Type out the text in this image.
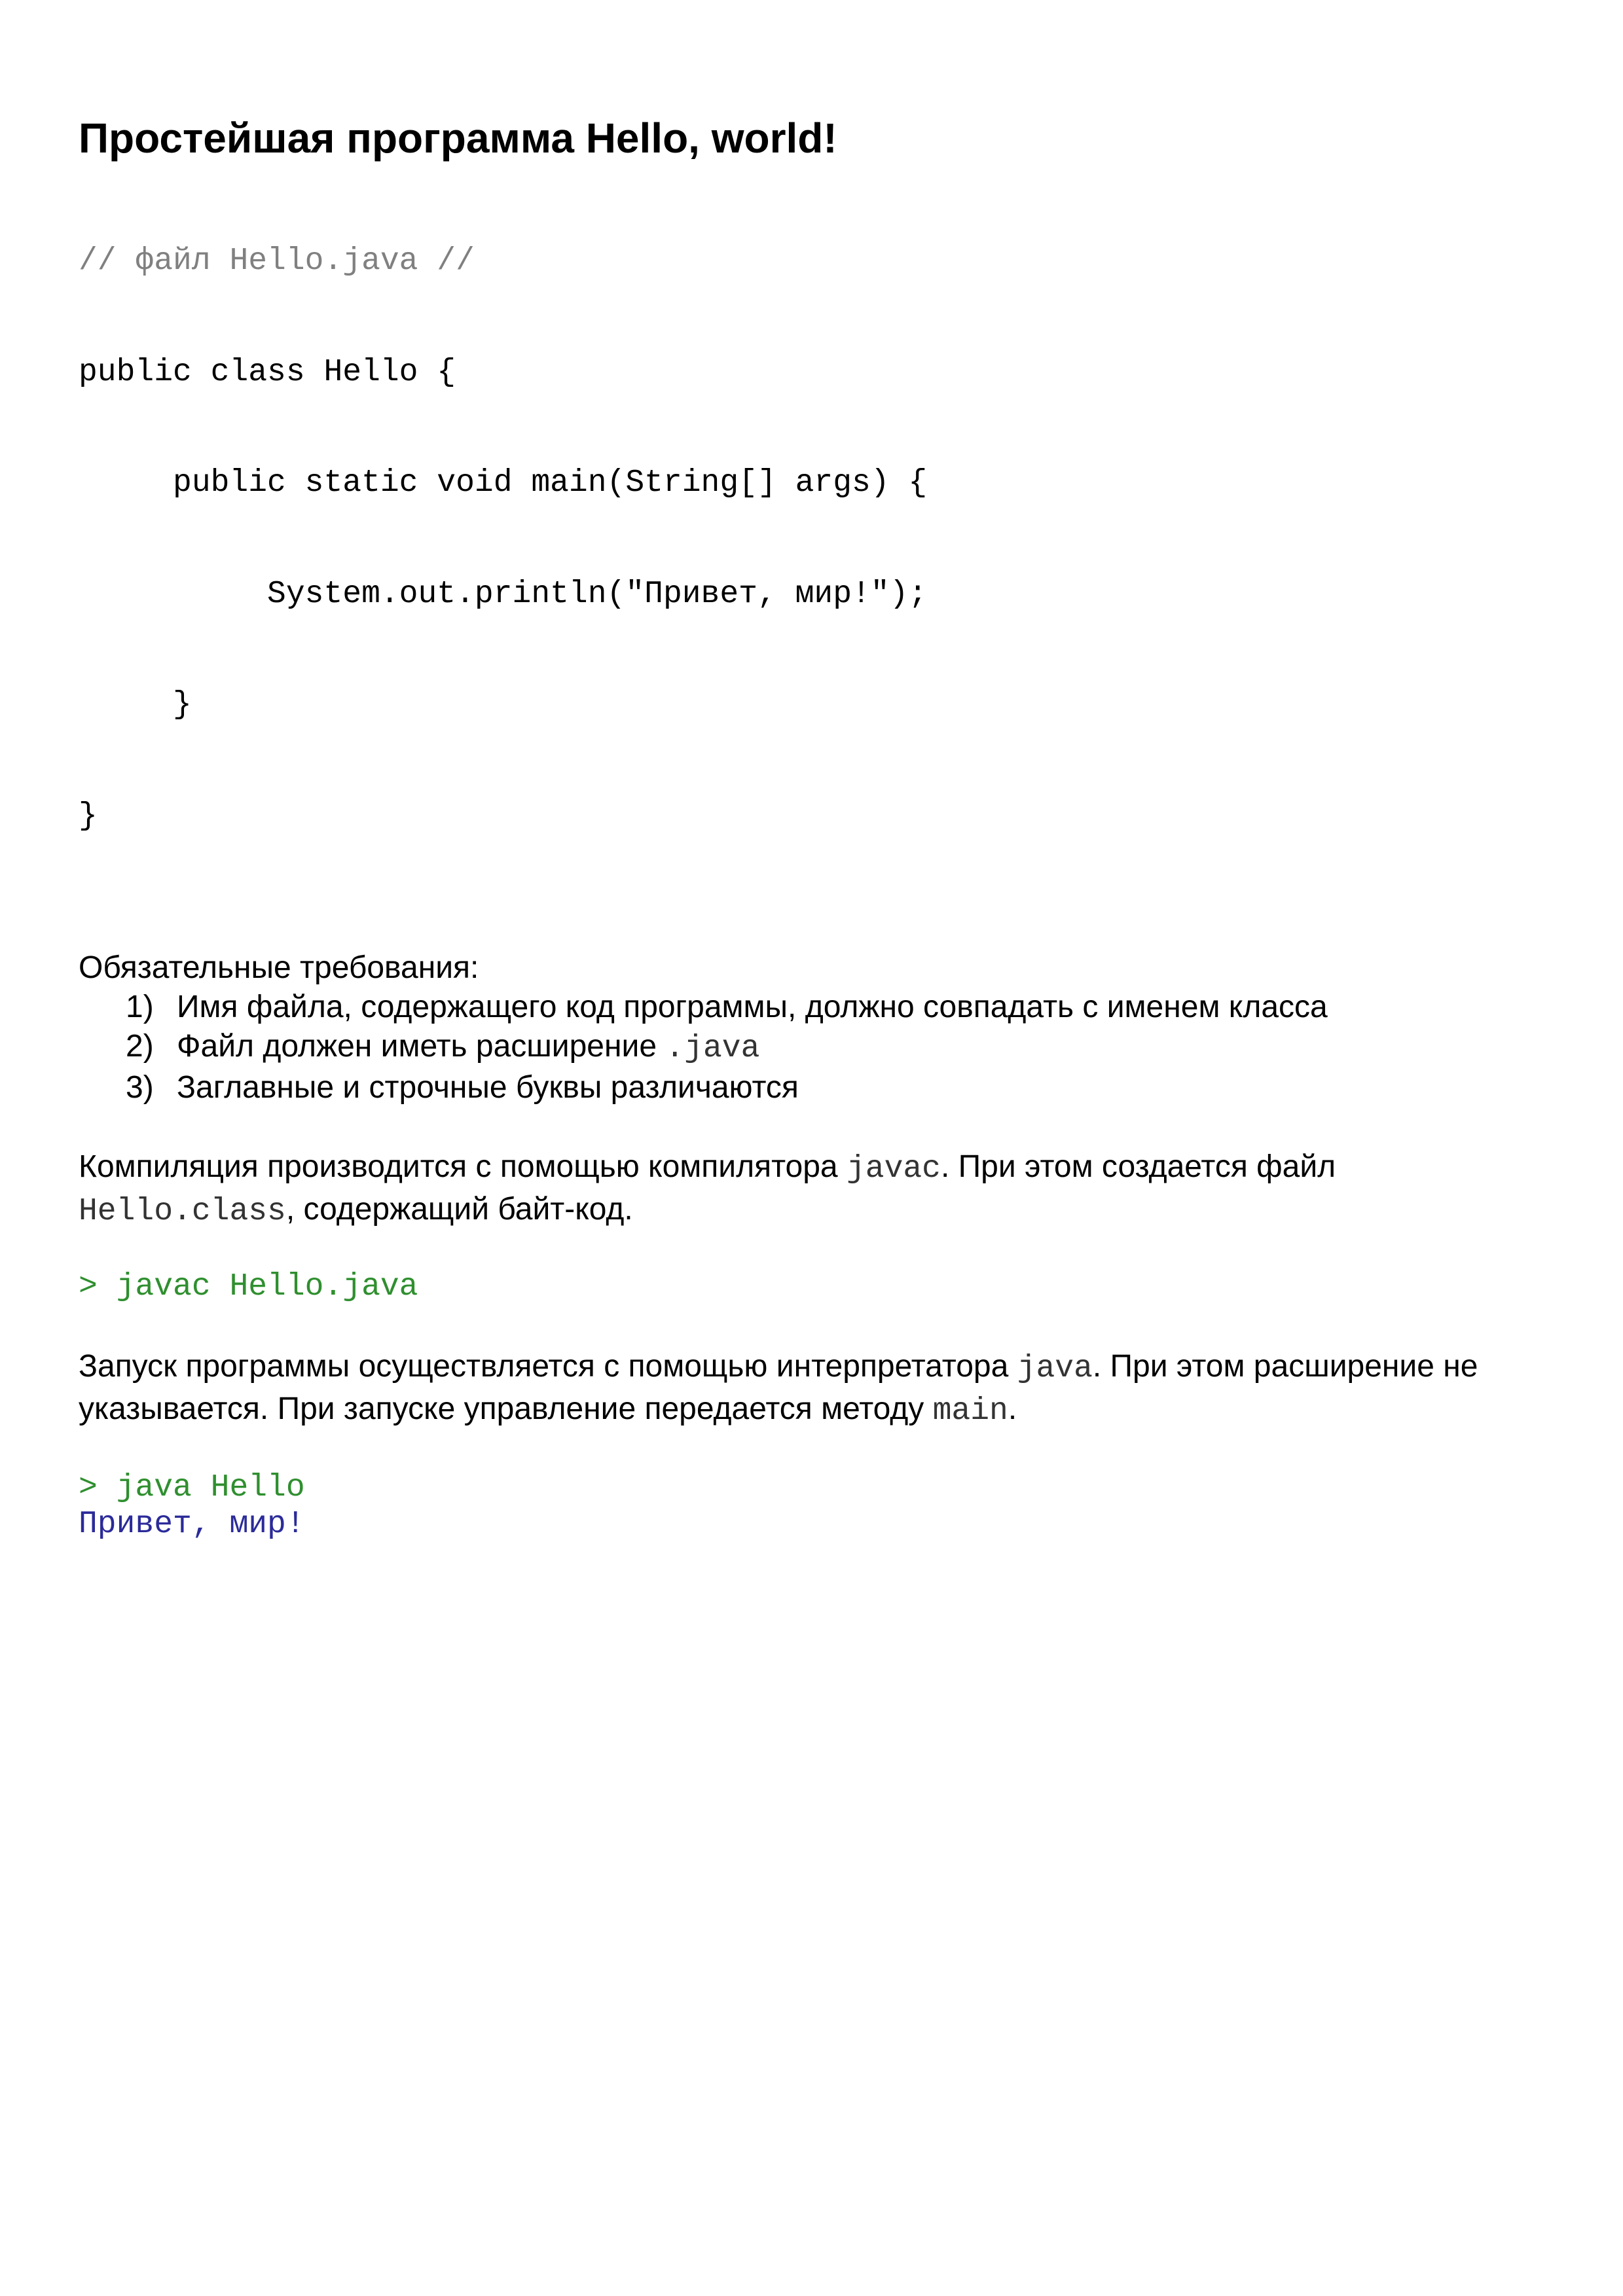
Простейшая программа Hello, world!

// файл Hello.java //

public class Hello {

public static void main(String[] args) {

System.out.println("Привет, мир!");

}

}

Обязательные требования:

1) Имя файла, содержащего код программы, должно совпадать с именем класса
2) Файл должен иметь расширение .java
3) Заглавные и строчные буквы различаются

Компиляция производится с помощью компилятора javac. При этом создается файл Hello.class, содержащий байт-код.

> javac Hello.java

Запуск программы осуществляется с помощью интерпретатора java. При этом расширение не указывается. При запуске управление передается методу main.

> java Hello
Привет, мир!
